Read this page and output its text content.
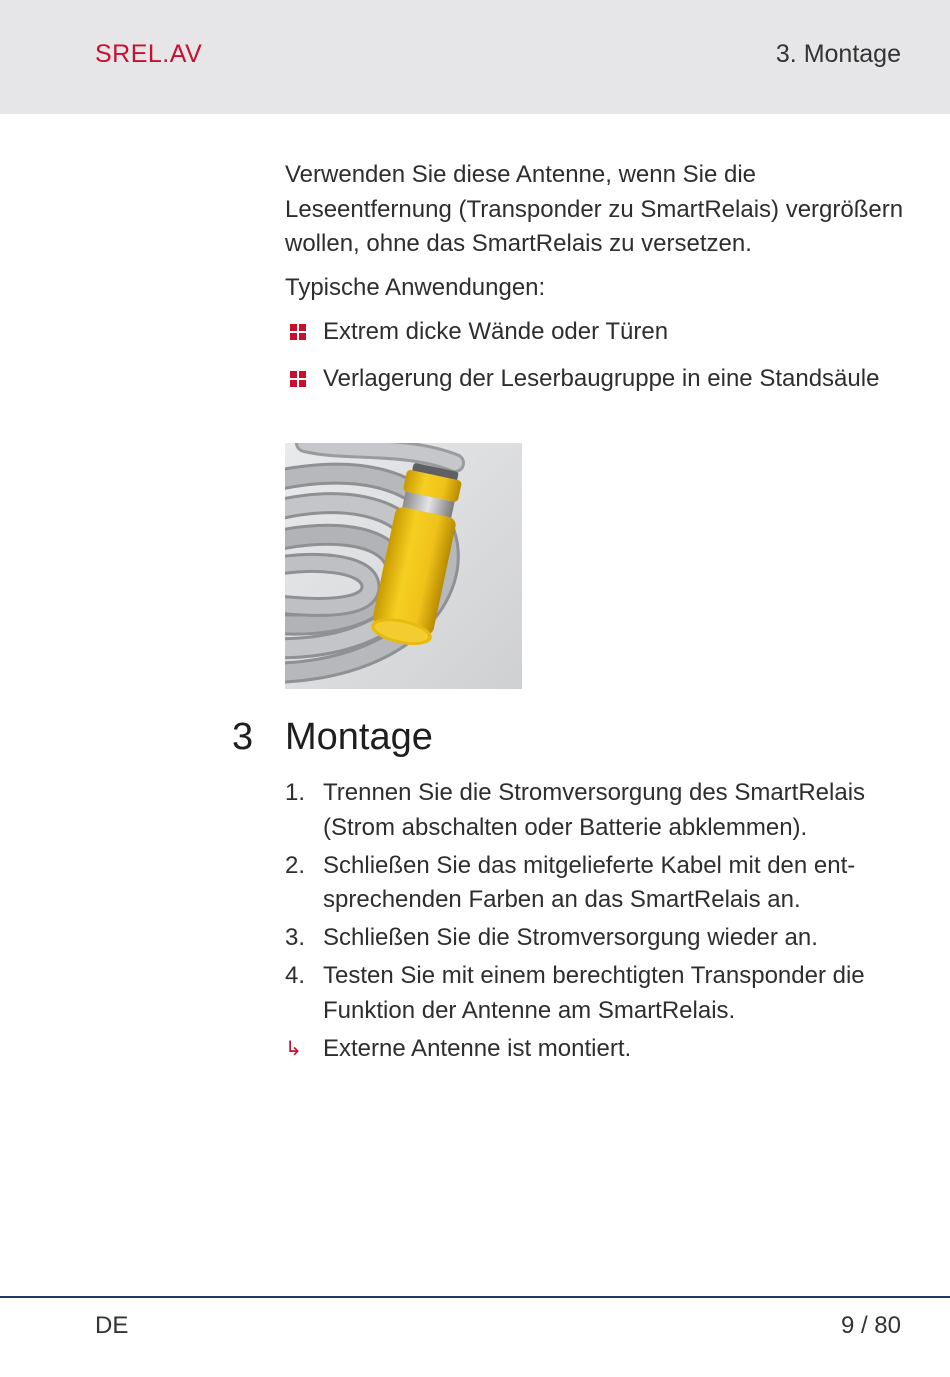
SREL.AV	3. Montage

Verwenden Sie diese Antenne, wenn Sie die Leseentfernung (Transponder zu SmartRelais) vergrößern wollen, ohne das SmartRelais zu versetzen.

Typische Anwendungen:

Extrem dicke Wände oder Türen
Verlagerung der Leserbaugruppe in eine Standsäule
3 Montage
1. Trennen Sie die Stromversorgung des SmartRelais (Strom abschalten oder Batterie abklemmen).
2. Schließen Sie das mitgelieferte Kabel mit den ent-sprechenden Farben an das SmartRelais an.
3. Schließen Sie die Stromversorgung wieder an.
4. Testen Sie mit einem berechtigten Transponder die Funktion der Antenne am SmartRelais.
↳ Externe Antenne ist montiert.
DE	9 / 80
